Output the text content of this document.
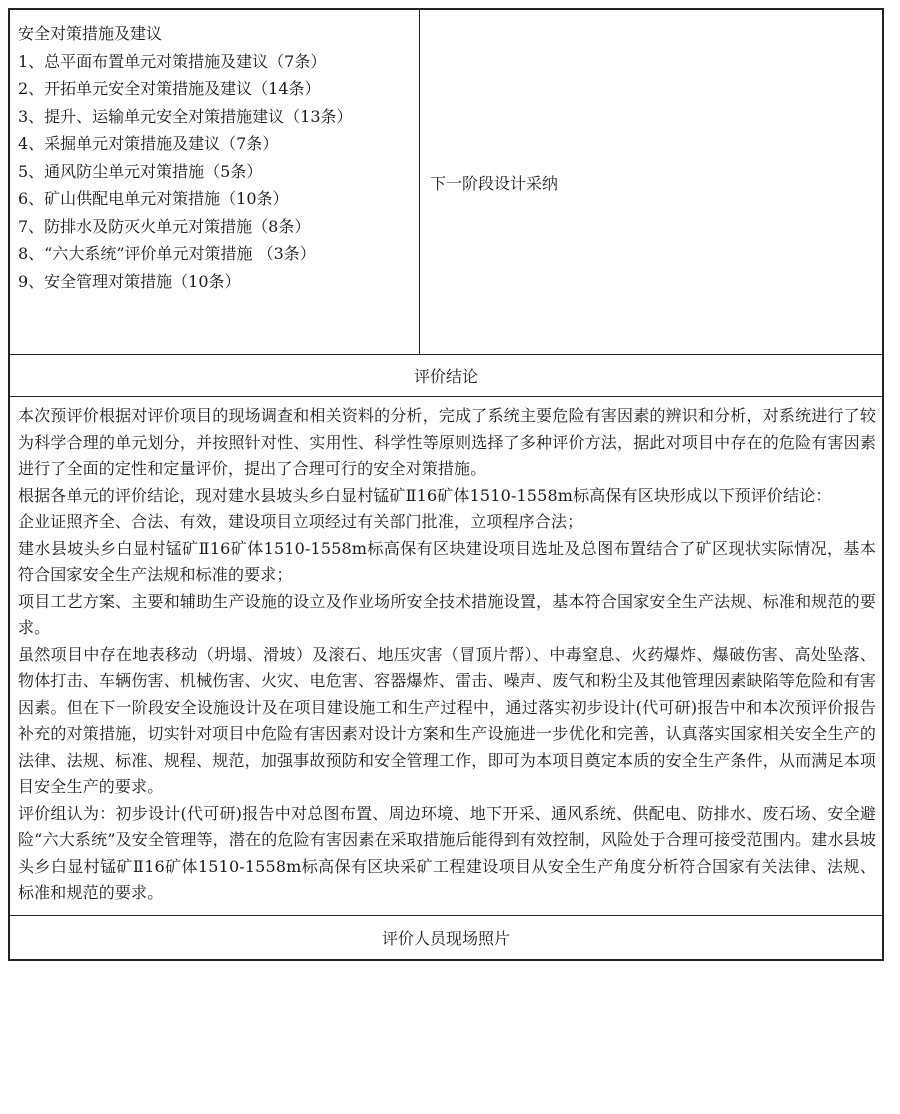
安全对策措施及建议
1、总平面布置单元对策措施及建议（7条）
2、开拓单元安全对策措施及建议（14条）
3、提升、运输单元安全对策措施建议（13条）
4、采掘单元对策措施及建议（7条）
5、通风防尘单元对策措施（5条）
6、矿山供配电单元对策措施（10条）
7、防排水及防灭火单元对策措施（8条）
8、“六大系统”评价单元对策措施 （3条）
9、安全管理对策措施（10条）
下一阶段设计采纳
评价结论

本次预评价根据对评价项目的现场调查和相关资料的分析，完成了系统主要危险有害因素的辨识和分析，对系统进行了较为科学合理的单元划分，并按照针对性、实用性、科学性等原则选择了多种评价方法，据此对项目中存在的危险有害因素进行了全面的定性和定量评价，提出了合理可行的安全对策措施。

根据各单元的评价结论，现对建水县坡头乡白显村锰矿Ⅱ16矿体1510-1558m标高保有区块形成以下预评价结论：

企业证照齐全、合法、有效，建设项目立项经过有关部门批准，立项程序合法；

建水县坡头乡白显村锰矿Ⅱ16矿体1510-1558m标高保有区块建设项目选址及总图布置结合了矿区现状实际情况，基本符合国家安全生产法规和标准的要求；

项目工艺方案、主要和辅助生产设施的设立及作业场所安全技术措施设置，基本符合国家安全生产法规、标准和规范的要求。

虽然项目中存在地表移动（坍塌、滑坡）及滚石、地压灾害（冒顶片帮）、中毒窒息、火药爆炸、爆破伤害、高处坠落、物体打击、车辆伤害、机械伤害、火灾、电危害、容器爆炸、雷击、噪声、废气和粉尘及其他管理因素缺陷等危险和有害因素。但在下一阶段安全设施设计及在项目建设施工和生产过程中，通过落实初步设计(代可研)报告中和本次预评价报告补充的对策措施，切实针对项目中危险有害因素对设计方案和生产设施进一步优化和完善，认真落实国家相关安全生产的法律、法规、标准、规程、规范，加强事故预防和安全管理工作，即可为本项目奠定本质的安全生产条件，从而满足本项目安全生产的要求。

评价组认为：初步设计(代可研)报告中对总图布置、周边环境、地下开采、通风系统、供配电、防排水、废石场、安全避险“六大系统”及安全管理等，潜在的危险有害因素在采取措施后能得到有效控制，风险处于合理可接受范围内。建水县坡头乡白显村锰矿Ⅱ16矿体1510-1558m标高保有区块采矿工程建设项目从安全生产角度分析符合国家有关法律、法规、标准和规范的要求。

评价人员现场照片
